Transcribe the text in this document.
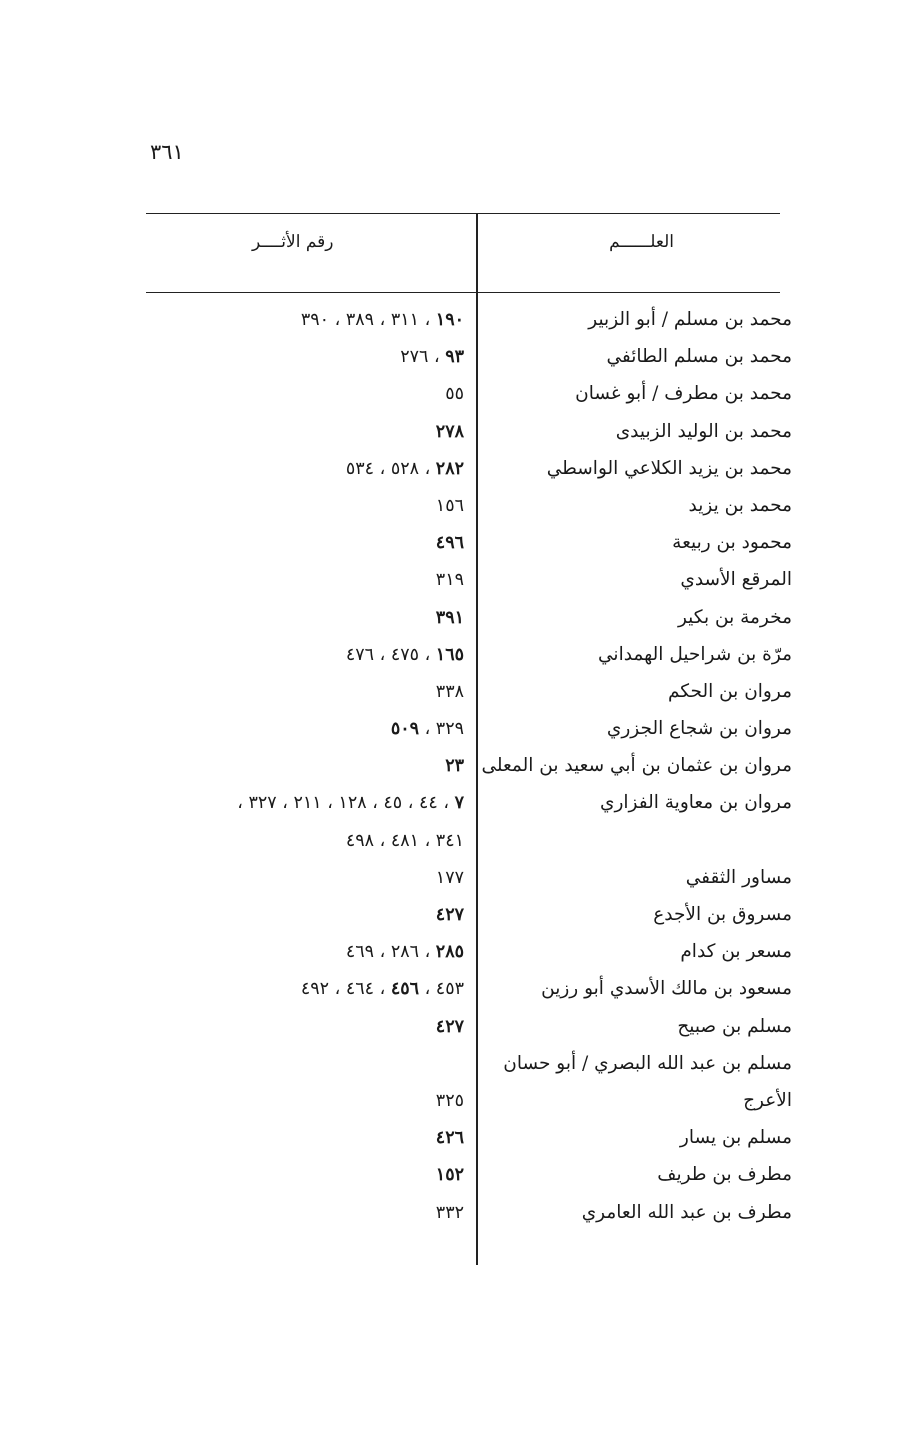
٣٦١
العلــــــم
رقم الأثــــر
محمد بن مسلم / أبو الزبير
١٩٠ ، ٣١١ ، ٣٨٩ ، ٣٩٠
محمد بن مسلم الطائفي
٩٣ ، ٢٧٦
محمد بن مطرف / أبو غسان
٥٥
محمد بن الوليد الزبيدى
٢٧٨
محمد بن يزيد الكلاعي الواسطي
٢٨٢ ، ٥٢٨ ، ٥٣٤
محمد بن يزيد
١٥٦
محمود بن ربيعة
٤٩٦
المرقع الأسدي
٣١٩
مخرمة بن بكير
٣٩١
مرّة بن شراحيل الهمداني
١٦٥ ، ٤٧٥ ، ٤٧٦
مروان بن الحكم
٣٣٨
مروان بن شجاع الجزري
٣٢٩ ، ٥٠٩
مروان بن عثمان بن أبي سعيد بن المعلى
٢٣
مروان بن معاوية الفزاري
٧ ، ٤٤ ، ٤٥ ، ١٢٨ ، ٢١١ ، ٣٢٧ ،
٣٤١ ، ٤٨١ ، ٤٩٨
مساور الثقفي
١٧٧
مسروق بن الأجدع
٤٢٧
مسعر بن كدام
٢٨٥ ، ٢٨٦ ، ٤٦٩
مسعود بن مالك الأسدي أبو رزين
٤٥٣ ، ٤٥٦ ، ٤٦٤ ، ٤٩٢
مسلم بن صبيح
٤٢٧
مسلم بن عبد الله البصري / أبو حسان
الأعرج
٣٢٥
مسلم بن يسار
٤٢٦
مطرف بن طريف
١٥٢
مطرف بن عبد الله العامري
٣٣٢
